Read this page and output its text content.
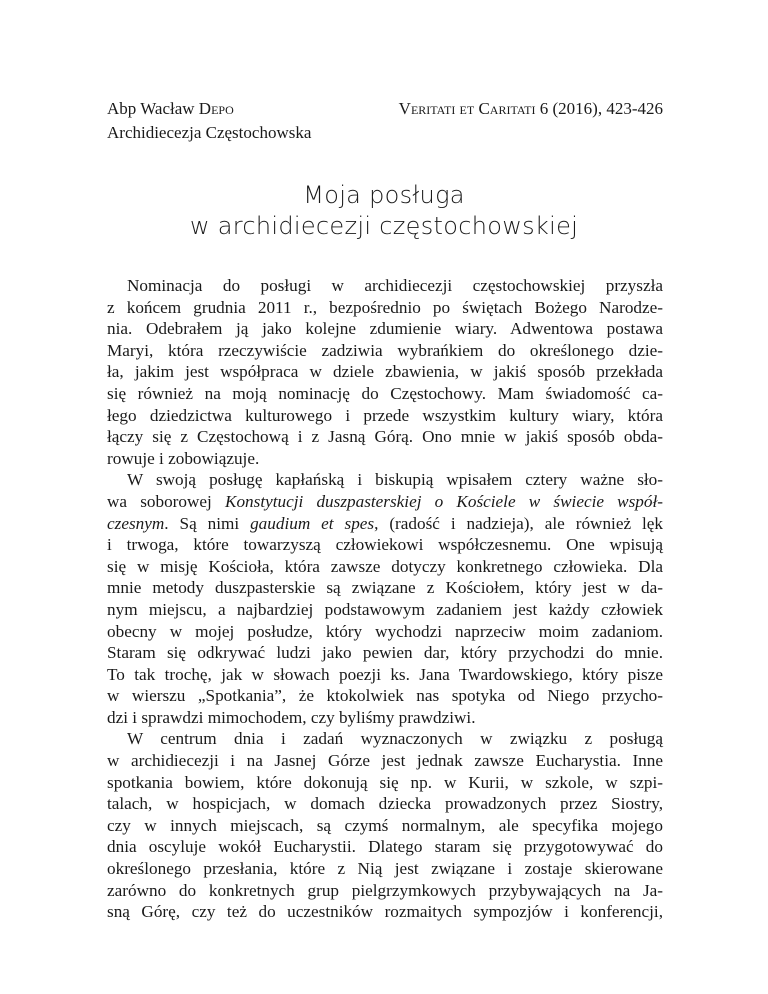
Abp Wacław Depo
Archidiecezja Częstochowska
Veritati et Caritati 6 (2016), 423-426
Moja posługa
w archidiecezji częstochowskiej
Nominacja do posługi w archidiecezji częstochowskiej przyszła
z końcem grudnia 2011 r., bezpośrednio po świętach Bożego Narodze-
nia. Odebrałem ją jako kolejne zdumienie wiary. Adwentowa postawa
Maryi, która rzeczywiście zadziwia wybrańkiem do określonego dzie-
ła, jakim jest współpraca w dziele zbawienia, w jakiś sposób przekłada
się również na moją nominację do Częstochowy. Mam świadomość ca-
łego dziedzictwa kulturowego i przede wszystkim kultury wiary, która
łączy się z Częstochową i z Jasną Górą. Ono mnie w jakiś sposób obda-
rowuje i zobowiązuje.
W swoją posługę kapłańską i biskupią wpisałem cztery ważne sło-
wa soborowej Konstytucji duszpasterskiej o Kościele w świecie współ-
czesnym. Są nimi gaudium et spes, (radość i nadzieja), ale również lęk
i trwoga, które towarzyszą człowiekowi współczesnemu. One wpisują
się w misję Kościoła, która zawsze dotyczy konkretnego człowieka. Dla
mnie metody duszpasterskie są związane z Kościołem, który jest w da-
nym miejscu, a najbardziej podstawowym zadaniem jest każdy człowiek
obecny w mojej posłudze, który wychodzi naprzeciw moim zadaniom.
Staram się odkrywać ludzi jako pewien dar, który przychodzi do mnie.
To tak trochę, jak w słowach poezji ks. Jana Twardowskiego, który pisze
w wierszu „Spotkania”, że ktokolwiek nas spotyka od Niego przycho-
dzi i sprawdzi mimochodem, czy byliśmy prawdziwi.
W centrum dnia i zadań wyznaczonych w związku z posługą
w archidiecezji i na Jasnej Górze jest jednak zawsze Eucharystia. Inne
spotkania bowiem, które dokonują się np. w Kurii, w szkole, w szpi-
talach, w hospicjach, w domach dziecka prowadzonych przez Siostry,
czy w innych miejscach, są czymś normalnym, ale specyfika mojego
dnia oscyluje wokół Eucharystii. Dlatego staram się przygotowywać do
określonego przesłania, które z Nią jest związane i zostaje skierowane
zarówno do konkretnych grup pielgrzymkowych przybywających na Ja-
sną Górę, czy też do uczestników rozmaitych sympozjów i konferencji,
